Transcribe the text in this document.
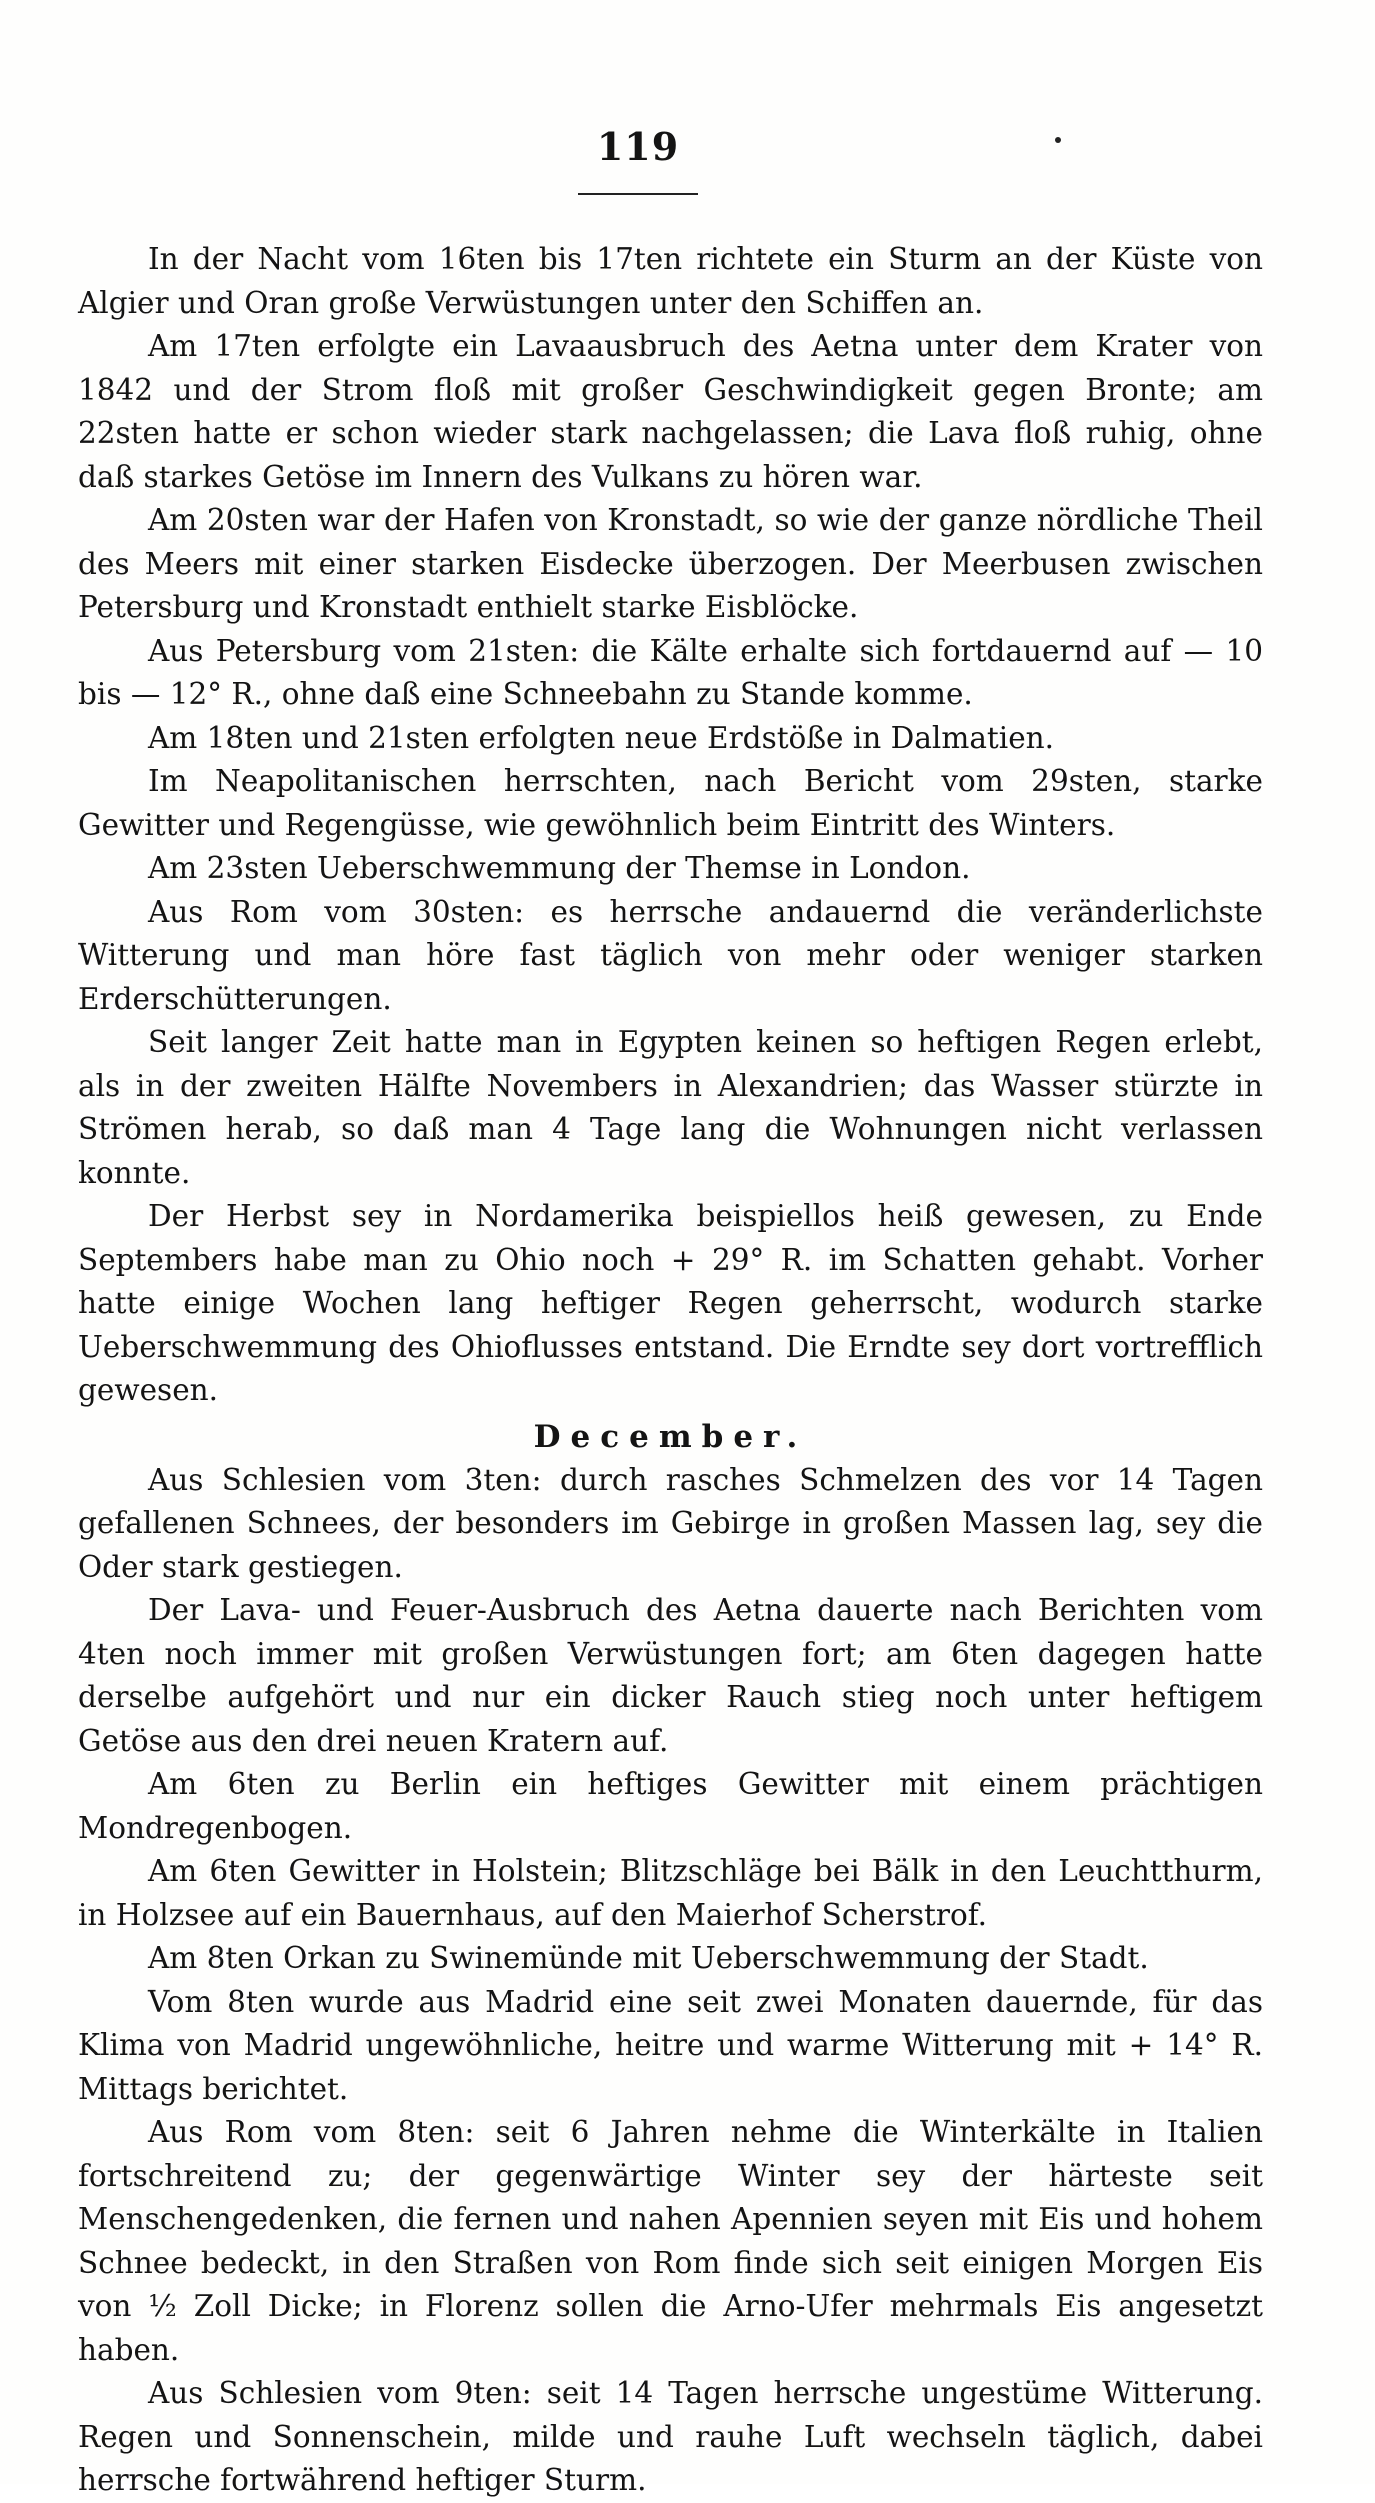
119

In der Nacht vom 16ten bis 17ten richtete ein Sturm an der Küste von Algier und Oran große Verwüstungen unter den Schiffen an.

Am 17ten erfolgte ein Lavaausbruch des Aetna unter dem Krater von 1842 und der Strom floß mit großer Geschwindigkeit gegen Bronte; am 22sten hatte er schon wieder stark nachgelassen; die Lava floß ruhig, ohne daß starkes Getöse im Innern des Vulkans zu hören war.

Am 20sten war der Hafen von Kronstadt, so wie der ganze nördliche Theil des Meers mit einer starken Eisdecke überzogen. Der Meerbusen zwischen Petersburg und Kronstadt enthielt starke Eisblöcke.

Aus Petersburg vom 21sten: die Kälte erhalte sich fortdauernd auf — 10 bis — 12° R., ohne daß eine Schneebahn zu Stande komme.

Am 18ten und 21sten erfolgten neue Erdstöße in Dalmatien.

Im Neapolitanischen herrschten, nach Bericht vom 29sten, starke Gewitter und Regengüsse, wie gewöhnlich beim Eintritt des Winters.

Am 23sten Ueberschwemmung der Themse in London.

Aus Rom vom 30sten: es herrsche andauernd die veränderlichste Witterung und man höre fast täglich von mehr oder weniger starken Erderschütterungen.

Seit langer Zeit hatte man in Egypten keinen so heftigen Regen erlebt, als in der zweiten Hälfte Novembers in Alexandrien; das Wasser stürzte in Strömen herab, so daß man 4 Tage lang die Wohnungen nicht verlassen konnte.

Der Herbst sey in Nordamerika beispiellos heiß gewesen, zu Ende Septembers habe man zu Ohio noch + 29° R. im Schatten gehabt. Vorher hatte einige Wochen lang heftiger Regen geherrscht, wodurch starke Ueberschwemmung des Ohioflusses entstand. Die Erndte sey dort vortrefflich gewesen.

December.

Aus Schlesien vom 3ten: durch rasches Schmelzen des vor 14 Tagen gefallenen Schnees, der besonders im Gebirge in großen Massen lag, sey die Oder stark gestiegen.

Der Lava- und Feuer-Ausbruch des Aetna dauerte nach Berichten vom 4ten noch immer mit großen Verwüstungen fort; am 6ten dagegen hatte derselbe aufgehört und nur ein dicker Rauch stieg noch unter heftigem Getöse aus den drei neuen Kratern auf.

Am 6ten zu Berlin ein heftiges Gewitter mit einem prächtigen Mondregenbogen.

Am 6ten Gewitter in Holstein; Blitzschläge bei Bälk in den Leuchtthurm, in Holzsee auf ein Bauernhaus, auf den Maierhof Scherstrof.

Am 8ten Orkan zu Swinemünde mit Ueberschwemmung der Stadt.

Vom 8ten wurde aus Madrid eine seit zwei Monaten dauernde, für das Klima von Madrid ungewöhnliche, heitre und warme Witterung mit + 14° R. Mittags berichtet.

Aus Rom vom 8ten: seit 6 Jahren nehme die Winterkälte in Italien fortschreitend zu; der gegenwärtige Winter sey der härteste seit Menschengedenken, die fernen und nahen Apennien seyen mit Eis und hohem Schnee bedeckt, in den Straßen von Rom finde sich seit einigen Morgen Eis von ½ Zoll Dicke; in Florenz sollen die Arno-Ufer mehrmals Eis angesetzt haben.

Aus Schlesien vom 9ten: seit 14 Tagen herrsche ungestüme Witterung. Regen und Sonnenschein, milde und rauhe Luft wechseln täglich, dabei herrsche fortwährend heftiger Sturm.
